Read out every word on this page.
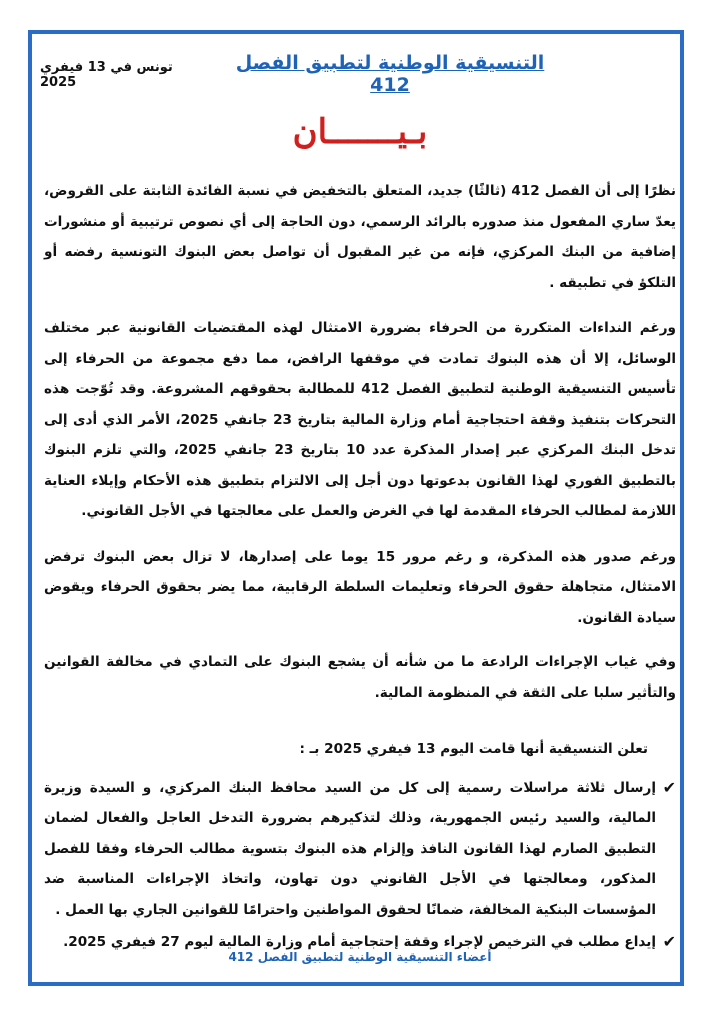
التنسيقية الوطنية لتطبيق الفصل 412
تونس في 13 فيفري 2025
بـيـــــــان

نظرًا إلى أن الفصل 412 (ثالثًا) جديد، المتعلق بالتخفيض في نسبة الفائدة الثابتة على القروض، يعدّ ساري المفعول منذ صدوره بالرائد الرسمي، دون الحاجة إلى أي نصوص ترتيبية أو منشورات إضافية من البنك المركزي، فإنه من غير المقبول أن تواصل بعض البنوك التونسية رفضه أو التلكؤ في تطبيقه .

ورغم النداءات المتكررة من الحرفاء بضرورة الامتثال لهذه المقتضيات القانونية عبر مختلف الوسائل، إلا أن هذه البنوك تمادت في موقفها الرافض، مما دفع مجموعة من الحرفاء إلى تأسيس التنسيقية الوطنية لتطبيق الفصل 412 للمطالبة بحقوقهم المشروعة. وقد تُوّجت هذه التحركات بتنفيذ وقفة احتجاجية أمام وزارة المالية بتاريخ 23 جانفي 2025، الأمر الذي أدى إلى تدخل البنك المركزي عبر إصدار المذكرة عدد 10 بتاريخ 23 جانفي 2025، والتي تلزم البنوك بالتطبيق الفوري لهذا القانون بدعوتها دون أجل إلى الالتزام بتطبيق هذه الأحكام وإيلاء العناية اللازمة لمطالب الحرفاء المقدمة لها في الغرض والعمل على معالجتها في الأجل القانوني.

ورغم صدور هذه المذكرة، و رغم مرور 15 يوما على إصدارها، لا تزال بعض البنوك ترفض الامتثال، متجاهلة حقوق الحرفاء وتعليمات السلطة الرقابية، مما يضر بحقوق الحرفاء ويقوض سيادة القانون.

وفي غياب الإجراءات الرادعة ما من شأنه أن يشجع البنوك على التمادي في مخالفة القوانين والتأثير سلبا على الثقة في المنظومة المالية.

تعلن التنسيقية أنها قامت اليوم 13 فيفري 2025 بـ :
✔
إرسال ثلاثة مراسلات رسمية إلى كل من السيد محافظ البنك المركزي، و السيدة وزيرة المالية، والسيد رئيس الجمهورية، وذلك لتذكيرهم بضرورة التدخل العاجل والفعال لضمان التطبيق الصارم لهذا القانون النافذ وإلزام هذه البنوك بتسوية مطالب الحرفاء وفقا للفصل المذكور، ومعالجتها في الأجل القانوني دون تهاون، واتخاذ الإجراءات المناسبة ضد المؤسسات البنكية المخالفة، ضمانًا لحقوق المواطنين واحترامًا للقوانين الجاري بها العمل .
✔
إيداع مطلب في الترخيص لإجراء وقفة إحتجاجية أمام وزارة المالية ليوم 27 فيفري 2025.
أعضاء التنسيقية الوطنية لتطبيق الفصل 412
